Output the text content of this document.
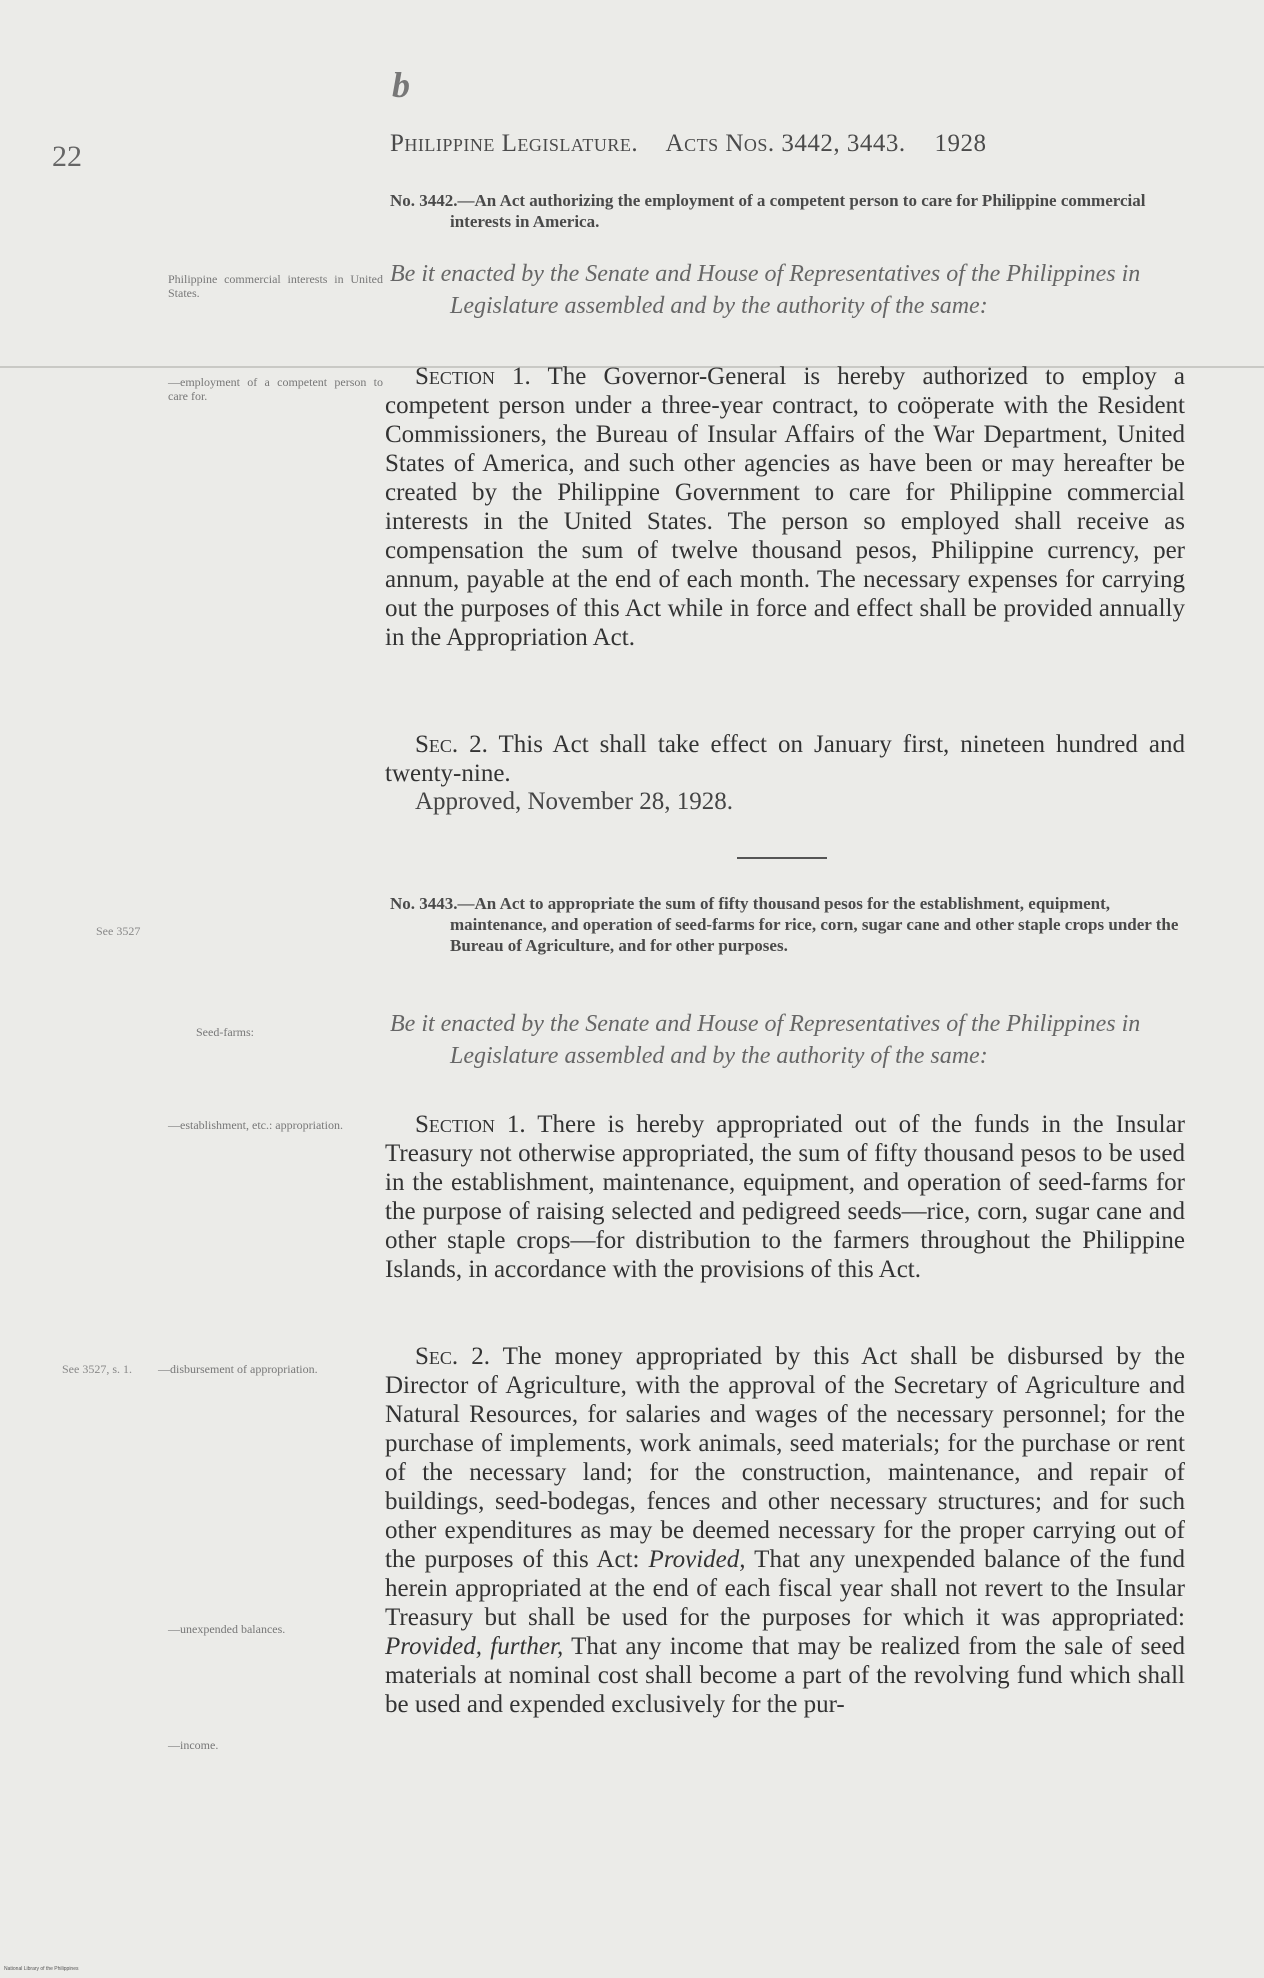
b
22	Philippine Legislature. Acts Nos. 3442, 3443. 1928
No. 3442.—An Act authorizing the employment of a competent person to care for Philippine commercial interests in America.
Be it enacted by the Senate and House of Representatives of the Philippines in Legislature assembled and by the authority of the same:
Section 1. The Governor-General is hereby authorized to employ a competent person under a three-year contract, to coöperate with the Resident Commissioners, the Bureau of Insular Affairs of the War Department, United States of America, and such other agencies as have been or may hereafter be created by the Philippine Government to care for Philippine commercial interests in the United States. The person so employed shall receive as compensation the sum of twelve thousand pesos, Philippine currency, per annum, payable at the end of each month. The necessary expenses for carrying out the purposes of this Act while in force and effect shall be provided annually in the Appropriation Act.
Sec. 2. This Act shall take effect on January first, nineteen hundred and twenty-nine.
Approved, November 28, 1928.
No. 3443.—An Act to appropriate the sum of fifty thousand pesos for the establishment, equipment, maintenance, and operation of seed-farms for rice, corn, sugar cane and other staple crops under the Bureau of Agriculture, and for other purposes.
Be it enacted by the Senate and House of Representatives of the Philippines in Legislature assembled and by the authority of the same:
Section 1. There is hereby appropriated out of the funds in the Insular Treasury not otherwise appropriated, the sum of fifty thousand pesos to be used in the establishment, maintenance, equipment, and operation of seed-farms for the purpose of raising selected and pedigreed seeds—rice, corn, sugar cane and other staple crops—for distribution to the farmers throughout the Philippine Islands, in accordance with the provisions of this Act.
Sec. 2. The money appropriated by this Act shall be disbursed by the Director of Agriculture, with the approval of the Secretary of Agriculture and Natural Resources, for salaries and wages of the necessary personnel; for the purchase of implements, work animals, seed materials; for the purchase or rent of the necessary land; for the construction, maintenance, and repair of buildings, seed-bodegas, fences and other necessary structures; and for such other expenditures as may be deemed necessary for the proper carrying out of the purposes of this Act: Provided, That any unexpended balance of the fund herein appropriated at the end of each fiscal year shall not revert to the Insular Treasury but shall be used for the purposes for which it was appropriated: Provided, further, That any income that may be realized from the sale of seed materials at nominal cost shall become a part of the revolving fund which shall be used and expended exclusively for the pur-
Philippine commercial interests in United States.
—employment of a competent person to care for.
See 3527
Seed-farms:
—establishment, etc.: appropriation.
See 3527, s. 1. —disbursement of appropriation.
—unexpended balances.
—income.
National Library of the Philippines
